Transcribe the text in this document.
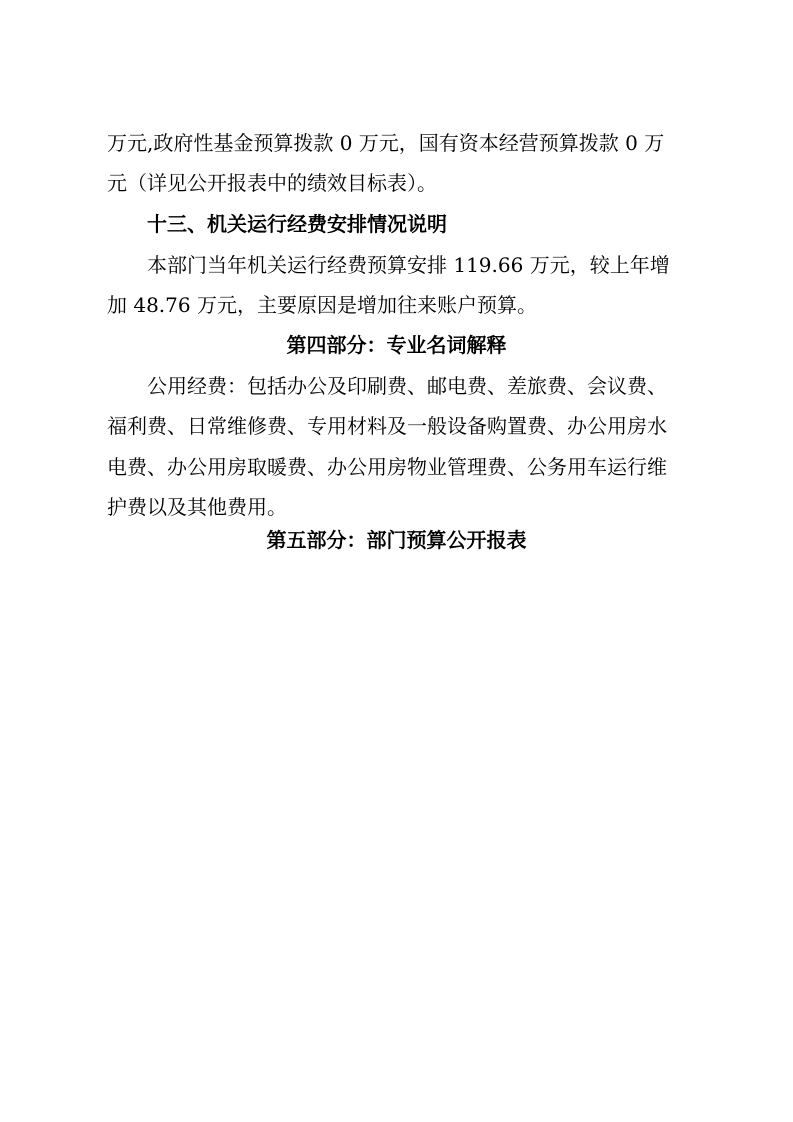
万元,政府性基金预算拨款 0 万元，国有资本经营预算拨款 0 万
元（详见公开报表中的绩效目标表）。
十三、机关运行经费安排情况说明
本部门当年机关运行经费预算安排 119.66 万元，较上年增
加 48.76 万元，主要原因是增加往来账户预算。
第四部分：专业名词解释
公用经费：包括办公及印刷费、邮电费、差旅费、会议费、
福利费、日常维修费、专用材料及一般设备购置费、办公用房水
电费、办公用房取暖费、办公用房物业管理费、公务用车运行维
护费以及其他费用。
第五部分：部门预算公开报表
